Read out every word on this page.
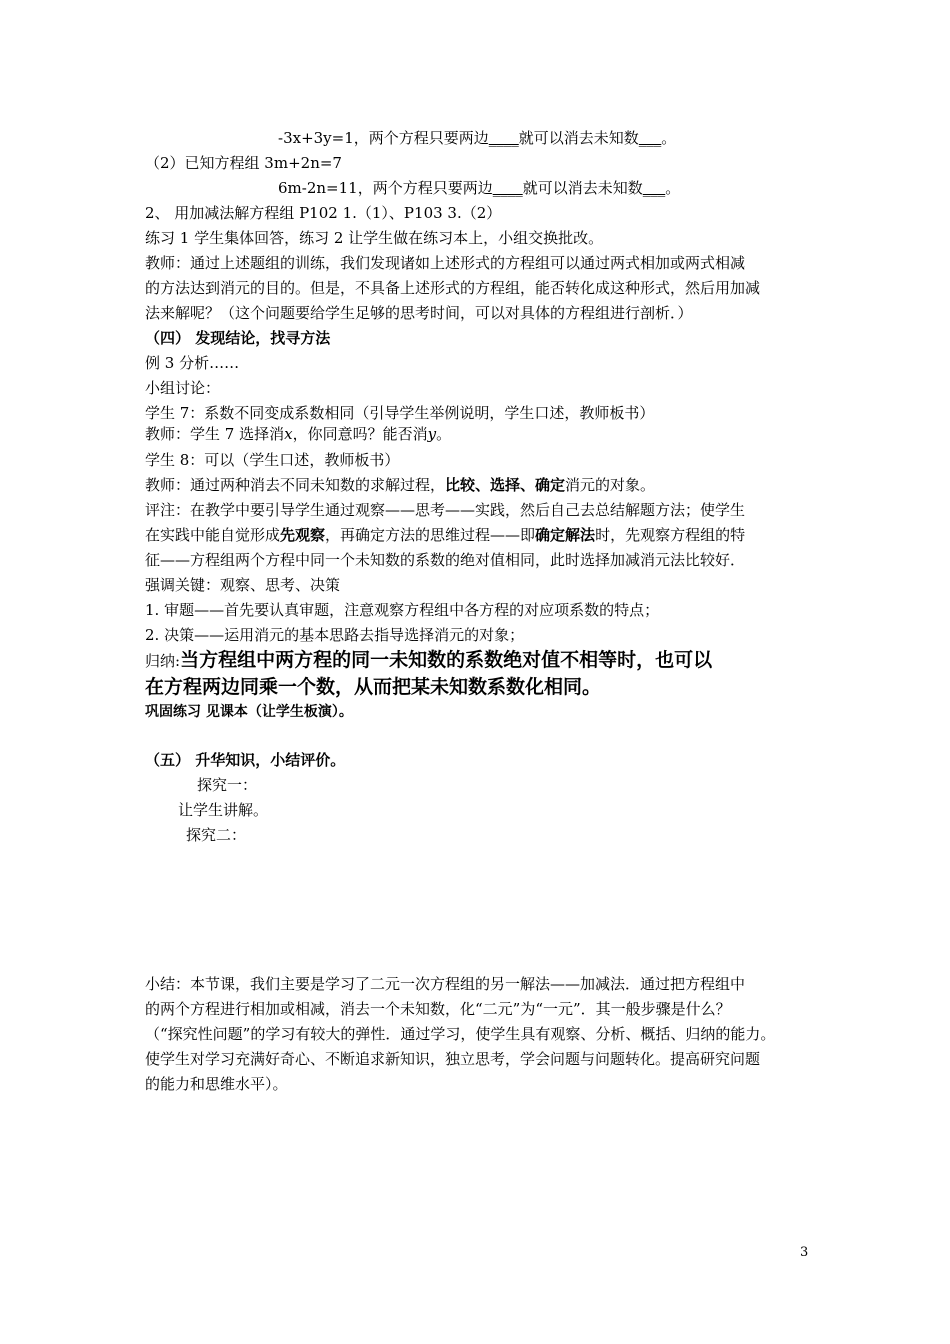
-3x+3y=1，两个方程只要两边____就可以消去未知数___。
（2）已知方程组 3m+2n=7
6m-2n=11，两个方程只要两边____就可以消去未知数___。
2、 用加减法解方程组 P102 1.（1）、P103 3.（2）
练习 1 学生集体回答，练习 2 让学生做在练习本上，小组交换批改。
教师：通过上述题组的训练，我们发现诸如上述形式的方程组可以通过两式相加或两式相减
的方法达到消元的目的。但是，不具备上述形式的方程组，能否转化成这种形式，然后用加减
法来解呢？（这个问题要给学生足够的思考时间，可以对具体的方程组进行剖析．）
（四） 发现结论，找寻方法
例 3 分析……
小组讨论：
学生 7：系数不同变成系数相同（引导学生举例说明，学生口述，教师板书）
教师：学生 7 选择消x，你同意吗？能否消y。
学生 8：可以（学生口述，教师板书）
教师：通过两种消去不同未知数的求解过程，比较、选择、确定消元的对象。
评注：在教学中要引导学生通过观察——思考——实践，然后自己去总结解题方法；使学生
在实践中能自觉形成先观察，再确定方法的思维过程——即确定解法时，先观察方程组的特
征——方程组两个方程中同一个未知数的系数的绝对值相同，此时选择加减消元法比较好．
强调关键：观察、思考、决策
1. 审题——首先要认真审题，注意观察方程组中各方程的对应项系数的特点；
2. 决策——运用消元的基本思路去指导选择消元的对象；
归纳:当方程组中两方程的同一未知数的系数绝对值不相等时，也可以
在方程两边同乘一个数，从而把某未知数系数化相同。
巩固练习 见课本（让学生板演）。
（五） 升华知识，小结评价。
探究一：
让学生讲解。
探究二：
小结：本节课，我们主要是学习了二元一次方程组的另一解法——加减法．通过把方程组中
的两个方程进行相加或相减，消去一个未知数，化“二元”为“一元”．其一般步骤是什么？
（“探究性问题”的学习有较大的弹性．通过学习，使学生具有观察、分析、概括、归纳的能力。
使学生对学习充满好奇心、不断追求新知识，独立思考，学会问题与问题转化。提高研究问题
的能力和思维水平）。
3
